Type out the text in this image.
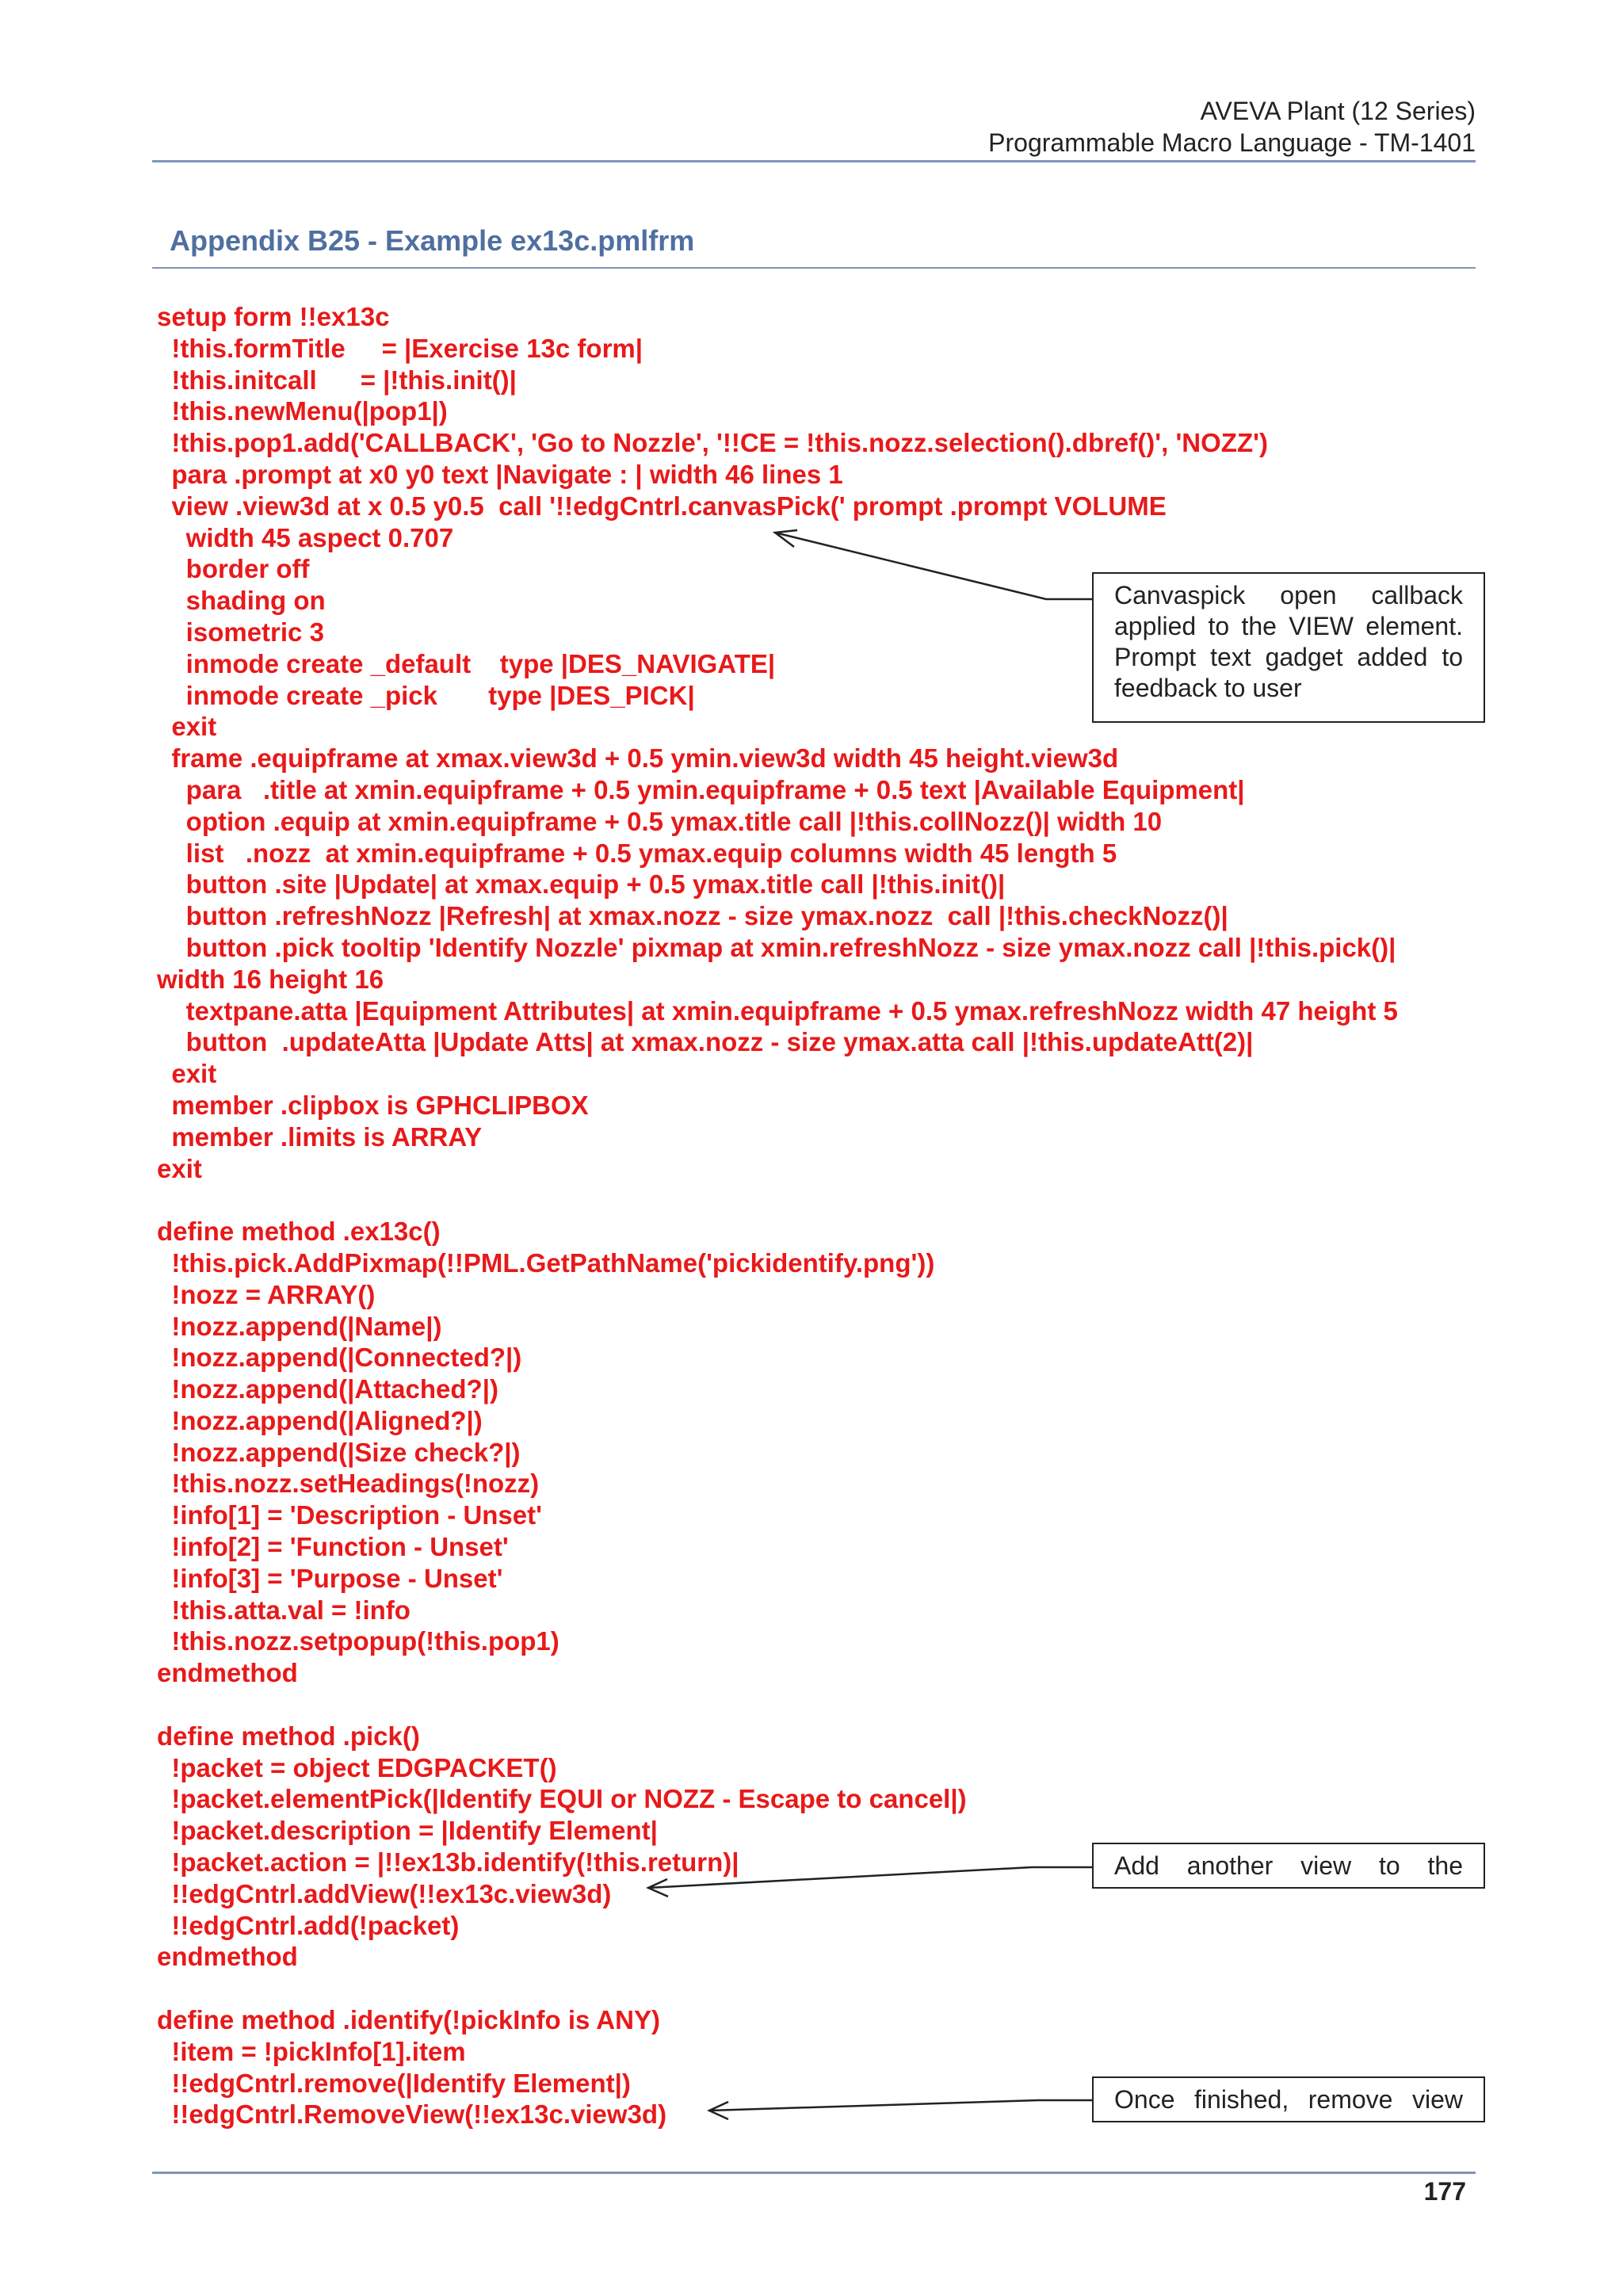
AVEVA Plant (12 Series)
Programmable Macro Language - TM-1401
Appendix B25 - Example ex13c.pmlfrm
setup form !!ex13c
!this.formTitle     = |Exercise 13c form|
!this.initcall      = |!this.init()|
!this.newMenu(|pop1|)
!this.pop1.add('CALLBACK', 'Go to Nozzle', '!!CE = !this.nozz.selection().dbref()', 'NOZZ')
para .prompt at x0 y0 text |Navigate : | width 46 lines 1
view .view3d at x 0.5 y0.5  call '!!edgCntrl.canvasPick(' prompt .prompt VOLUME
width 45 aspect 0.707
border off
shading on
isometric 3
inmode create _default    type |DES_NAVIGATE|
inmode create _pick       type |DES_PICK|
exit
frame .equipframe at xmax.view3d + 0.5 ymin.view3d width 45 height.view3d
para   .title at xmin.equipframe + 0.5 ymin.equipframe + 0.5 text |Available Equipment|
option .equip at xmin.equipframe + 0.5 ymax.title call |!this.collNozz()| width 10
list   .nozz  at xmin.equipframe + 0.5 ymax.equip columns width 45 length 5
button .site |Update| at xmax.equip + 0.5 ymax.title call |!this.init()|
button .refreshNozz |Refresh| at xmax.nozz - size ymax.nozz  call |!this.checkNozz()|
button .pick tooltip 'Identify Nozzle' pixmap at xmin.refreshNozz - size ymax.nozz call |!this.pick()|
width 16 height 16
textpane.atta |Equipment Attributes| at xmin.equipframe + 0.5 ymax.refreshNozz width 47 height 5
button  .updateAtta |Update Atts| at xmax.nozz - size ymax.atta call |!this.updateAtt(2)|
exit
member .clipbox is GPHCLIPBOX
member .limits is ARRAY
exit
define method .ex13c()
!this.pick.AddPixmap(!!PML.GetPathName('pickidentify.png'))
!nozz = ARRAY()
!nozz.append(|Name|)
!nozz.append(|Connected?|)
!nozz.append(|Attached?|)
!nozz.append(|Aligned?|)
!nozz.append(|Size check?|)
!this.nozz.setHeadings(!nozz)
!info[1] = 'Description - Unset'
!info[2] = 'Function - Unset'
!info[3] = 'Purpose - Unset'
!this.atta.val = !info
!this.nozz.setpopup(!this.pop1)
endmethod
define method .pick()
!packet = object EDGPACKET()
!packet.elementPick(|Identify EQUI or NOZZ - Escape to cancel|)
!packet.description = |Identify Element|
!packet.action = |!!ex13b.identify(!this.return)|
!!edgCntrl.addView(!!ex13c.view3d)
!!edgCntrl.add(!packet)
endmethod
define method .identify(!pickInfo is ANY)
!item = !pickInfo[1].item
!!edgCntrl.remove(|Identify Element|)
!!edgCntrl.RemoveView(!!ex13c.view3d)
Canvaspick open callback applied to the VIEW element. Prompt text gadget added to feedback to user
Add another view to the
Once finished, remove view
177
